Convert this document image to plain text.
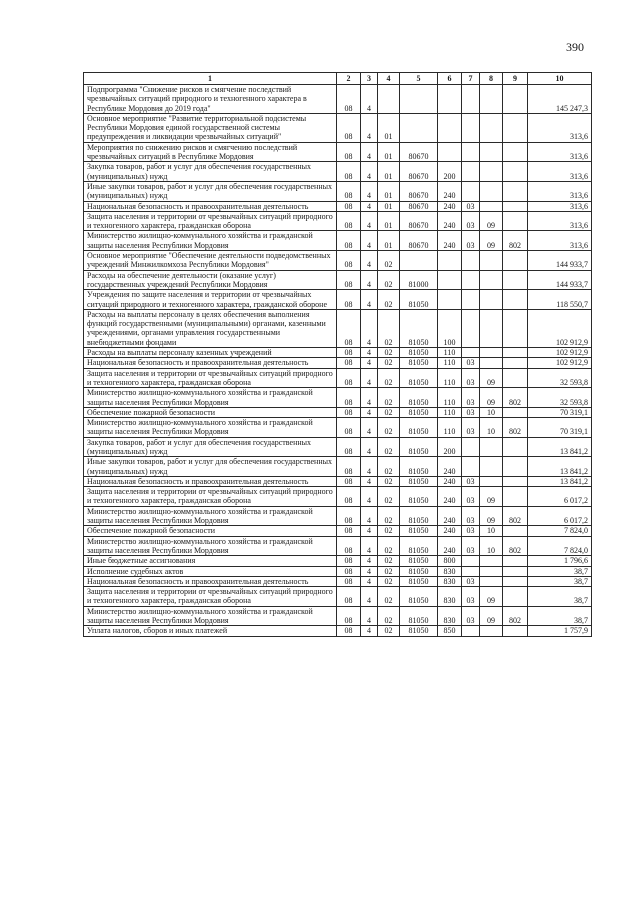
390
1	2	3	4	5	6	7	8	9	10
Подпрограмма "Снижение рисков и смягчение последствий чрезвычайных ситуаций природного и техногенного характера в Республике Мордовия до 2019 года"	08	4							145 247,3
Основное мероприятие "Развитие территориальной подсистемы Республики Мордовия единой государственной системы предупреждения и ликвидации чрезвычайных ситуаций"	08	4	01						313,6
Мероприятия по снижению рисков и смягчению последствий чрезвычайных ситуаций в Республике Мордовия	08	4	01	80670					313,6
Закупка товаров, работ и услуг для обеспечения государственных (муниципальных) нужд	08	4	01	80670	200				313,6
Иные закупки товаров, работ и услуг для обеспечения государственных (муниципальных) нужд	08	4	01	80670	240				313,6
Национальная безопасность и правоохранительная деятельность	08	4	01	80670	240	03			313,6
Защита населения и территории от чрезвычайных ситуаций природного и техногенного характера, гражданская оборона	08	4	01	80670	240	03	09		313,6
Министерство жилищно-коммунального хозяйства и гражданской защиты населения Республики Мордовия	08	4	01	80670	240	03	09	802	313,6
Основное мероприятие "Обеспечение деятельности подведомственных учреждений Минжилкомхоза Республики Мордовия"	08	4	02						144 933,7
Расходы на обеспечение деятельности (оказание услуг) государственных учреждений Республики Мордовия	08	4	02	81000					144 933,7
Учреждения по защите населения и территории от чрезвычайных ситуаций природного и техногенного характера, гражданской обороне	08	4	02	81050					118 550,7
Расходы на выплаты персоналу в целях обеспечения выполнения функций государственными (муниципальными) органами, казенными учреждениями, органами управления государственными внебюджетными фондами	08	4	02	81050	100				102 912,9
Расходы на выплаты персоналу казенных учреждений	08	4	02	81050	110				102 912,9
Национальная безопасность и правоохранительная деятельность	08	4	02	81050	110	03			102 912,9
Защита населения и территории от чрезвычайных ситуаций природного и техногенного характера, гражданская оборона	08	4	02	81050	110	03	09		32 593,8
Министерство жилищно-коммунального хозяйства и гражданской защиты населения Республики Мордовия	08	4	02	81050	110	03	09	802	32 593,8
Обеспечение пожарной безопасности	08	4	02	81050	110	03	10		70 319,1
Министерство жилищно-коммунального хозяйства и гражданской защиты населения Республики Мордовия	08	4	02	81050	110	03	10	802	70 319,1
Закупка товаров, работ и услуг для обеспечения государственных (муниципальных) нужд	08	4	02	81050	200				13 841,2
Иные закупки товаров, работ и услуг для обеспечения государственных (муниципальных) нужд	08	4	02	81050	240				13 841,2
Национальная безопасность и правоохранительная деятельность	08	4	02	81050	240	03			13 841,2
Защита населения и территории от чрезвычайных ситуаций природного и техногенного характера, гражданская оборона	08	4	02	81050	240	03	09		6 017,2
Министерство жилищно-коммунального хозяйства и гражданской защиты населения Республики Мордовия	08	4	02	81050	240	03	09	802	6 017,2
Обеспечение пожарной безопасности	08	4	02	81050	240	03	10		7 824,0
Министерство жилищно-коммунального хозяйства и гражданской защиты населения Республики Мордовия	08	4	02	81050	240	03	10	802	7 824,0
Иные бюджетные ассигнования	08	4	02	81050	800				1 796,6
Исполнение судебных актов	08	4	02	81050	830				38,7
Национальная безопасность и правоохранительная деятельность	08	4	02	81050	830	03			38,7
Защита населения и территории от чрезвычайных ситуаций природного и техногенного характера, гражданская оборона	08	4	02	81050	830	03	09		38,7
Министерство жилищно-коммунального хозяйства и гражданской защиты населения Республики Мордовия	08	4	02	81050	830	03	09	802	38,7
Уплата налогов, сборов и иных платежей	08	4	02	81050	850				1 757,9
